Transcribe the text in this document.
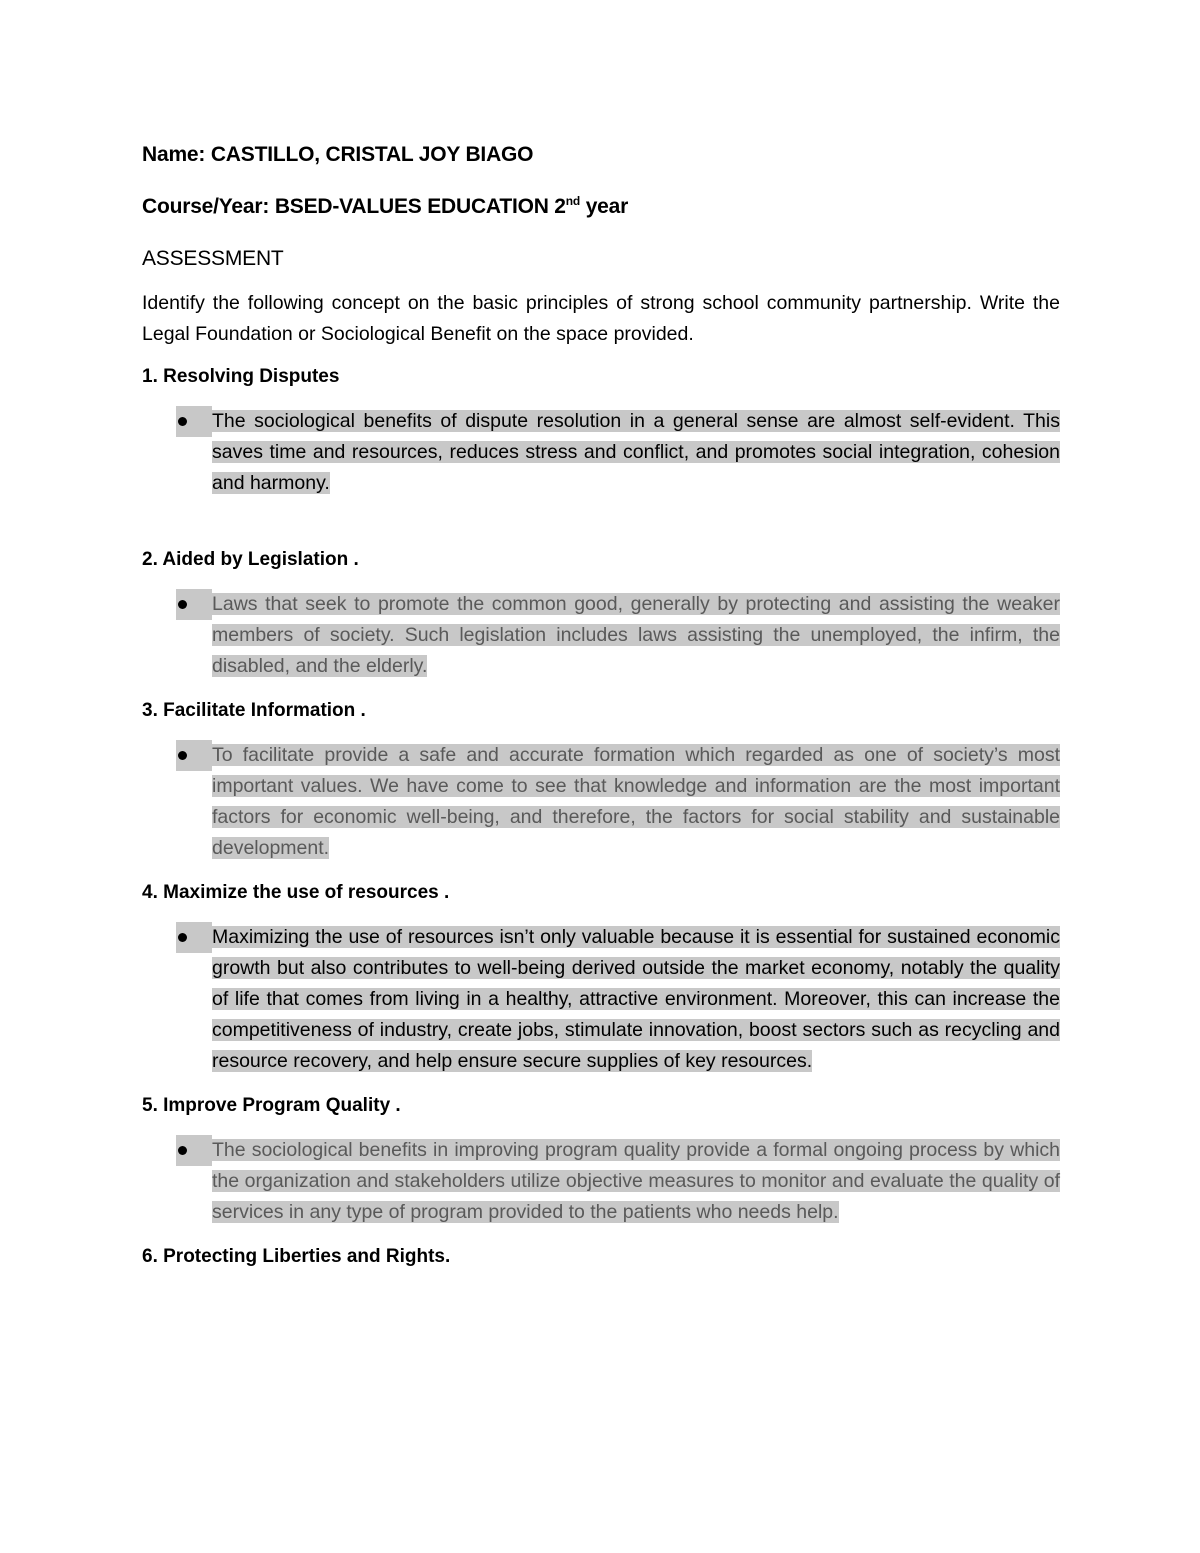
Name: CASTILLO, CRISTAL JOY BIAGO

Course/Year: BSED-VALUES EDUCATION 2nd year

ASSESSMENT

Identify the following concept on the basic principles of strong school community partnership. Write the Legal Foundation or Sociological Benefit on the space provided.

1. Resolving Disputes

The sociological benefits of dispute resolution in a general sense are almost self-evident. This saves time and resources, reduces stress and conflict, and promotes social integration, cohesion and harmony.

2. Aided by Legislation .

Laws that seek to promote the common good, generally by protecting and assisting the weaker members of society. Such legislation includes laws assisting the unemployed, the infirm, the disabled, and the elderly.

3. Facilitate Information .

To facilitate provide a safe and accurate formation which regarded as one of society’s most important values. We have come to see that knowledge and information are the most important factors for economic well-being, and therefore, the factors for social stability and sustainable development.

4. Maximize the use of resources .

Maximizing the use of resources isn’t only valuable because it is essential for sustained economic growth but also contributes to well-being derived outside the market economy, notably the quality of life that comes from living in a healthy, attractive environment. Moreover, this can increase the competitiveness of industry, create jobs, stimulate innovation, boost sectors such as recycling and resource recovery, and help ensure secure supplies of key resources.

5. Improve Program Quality .

The sociological benefits in improving program quality provide a formal ongoing process by which the organization and stakeholders utilize objective measures to monitor and evaluate the quality of services in any type of program provided to the patients who needs help.

6. Protecting Liberties and Rights.
